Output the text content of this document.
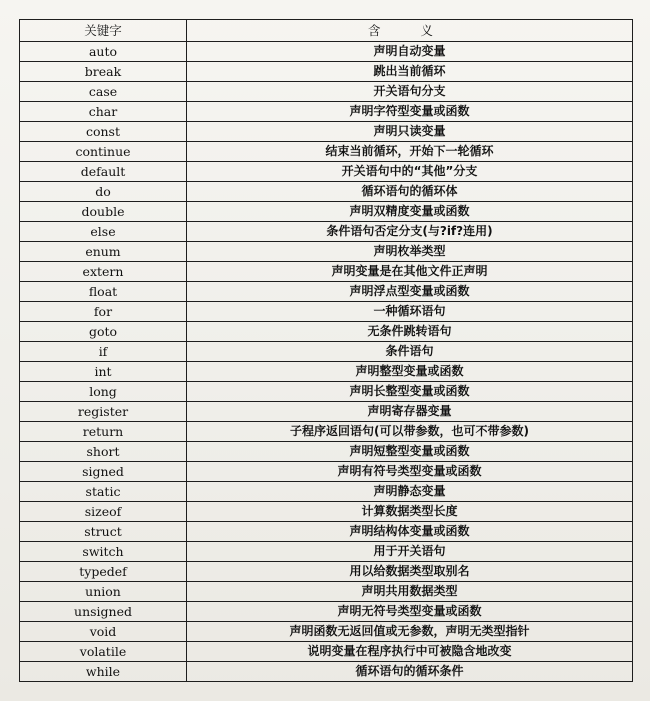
关键字	含 义
auto	声明自动变量
break	跳出当前循环
case	开关语句分支
char	声明字符型变量或函数
const	声明只读变量
continue	结束当前循环，开始下一轮循环
default	开关语句中的“其他”分支
do	循环语句的循环体
double	声明双精度变量或函数
else	条件语句否定分支(与?if?连用)
enum	声明枚举类型
extern	声明变量是在其他文件正声明
float	声明浮点型变量或函数
for	一种循环语句
goto	无条件跳转语句
if	条件语句
int	声明整型变量或函数
long	声明长整型变量或函数
register	声明寄存器变量
return	子程序返回语句(可以带参数，也可不带参数)
short	声明短整型变量或函数
signed	声明有符号类型变量或函数
static	声明静态变量
sizeof	计算数据类型长度
struct	声明结构体变量或函数
switch	用于开关语句
typedef	用以给数据类型取别名
union	声明共用数据类型
unsigned	声明无符号类型变量或函数
void	声明函数无返回值或无参数，声明无类型指针
volatile	说明变量在程序执行中可被隐含地改变
while	循环语句的循环条件
